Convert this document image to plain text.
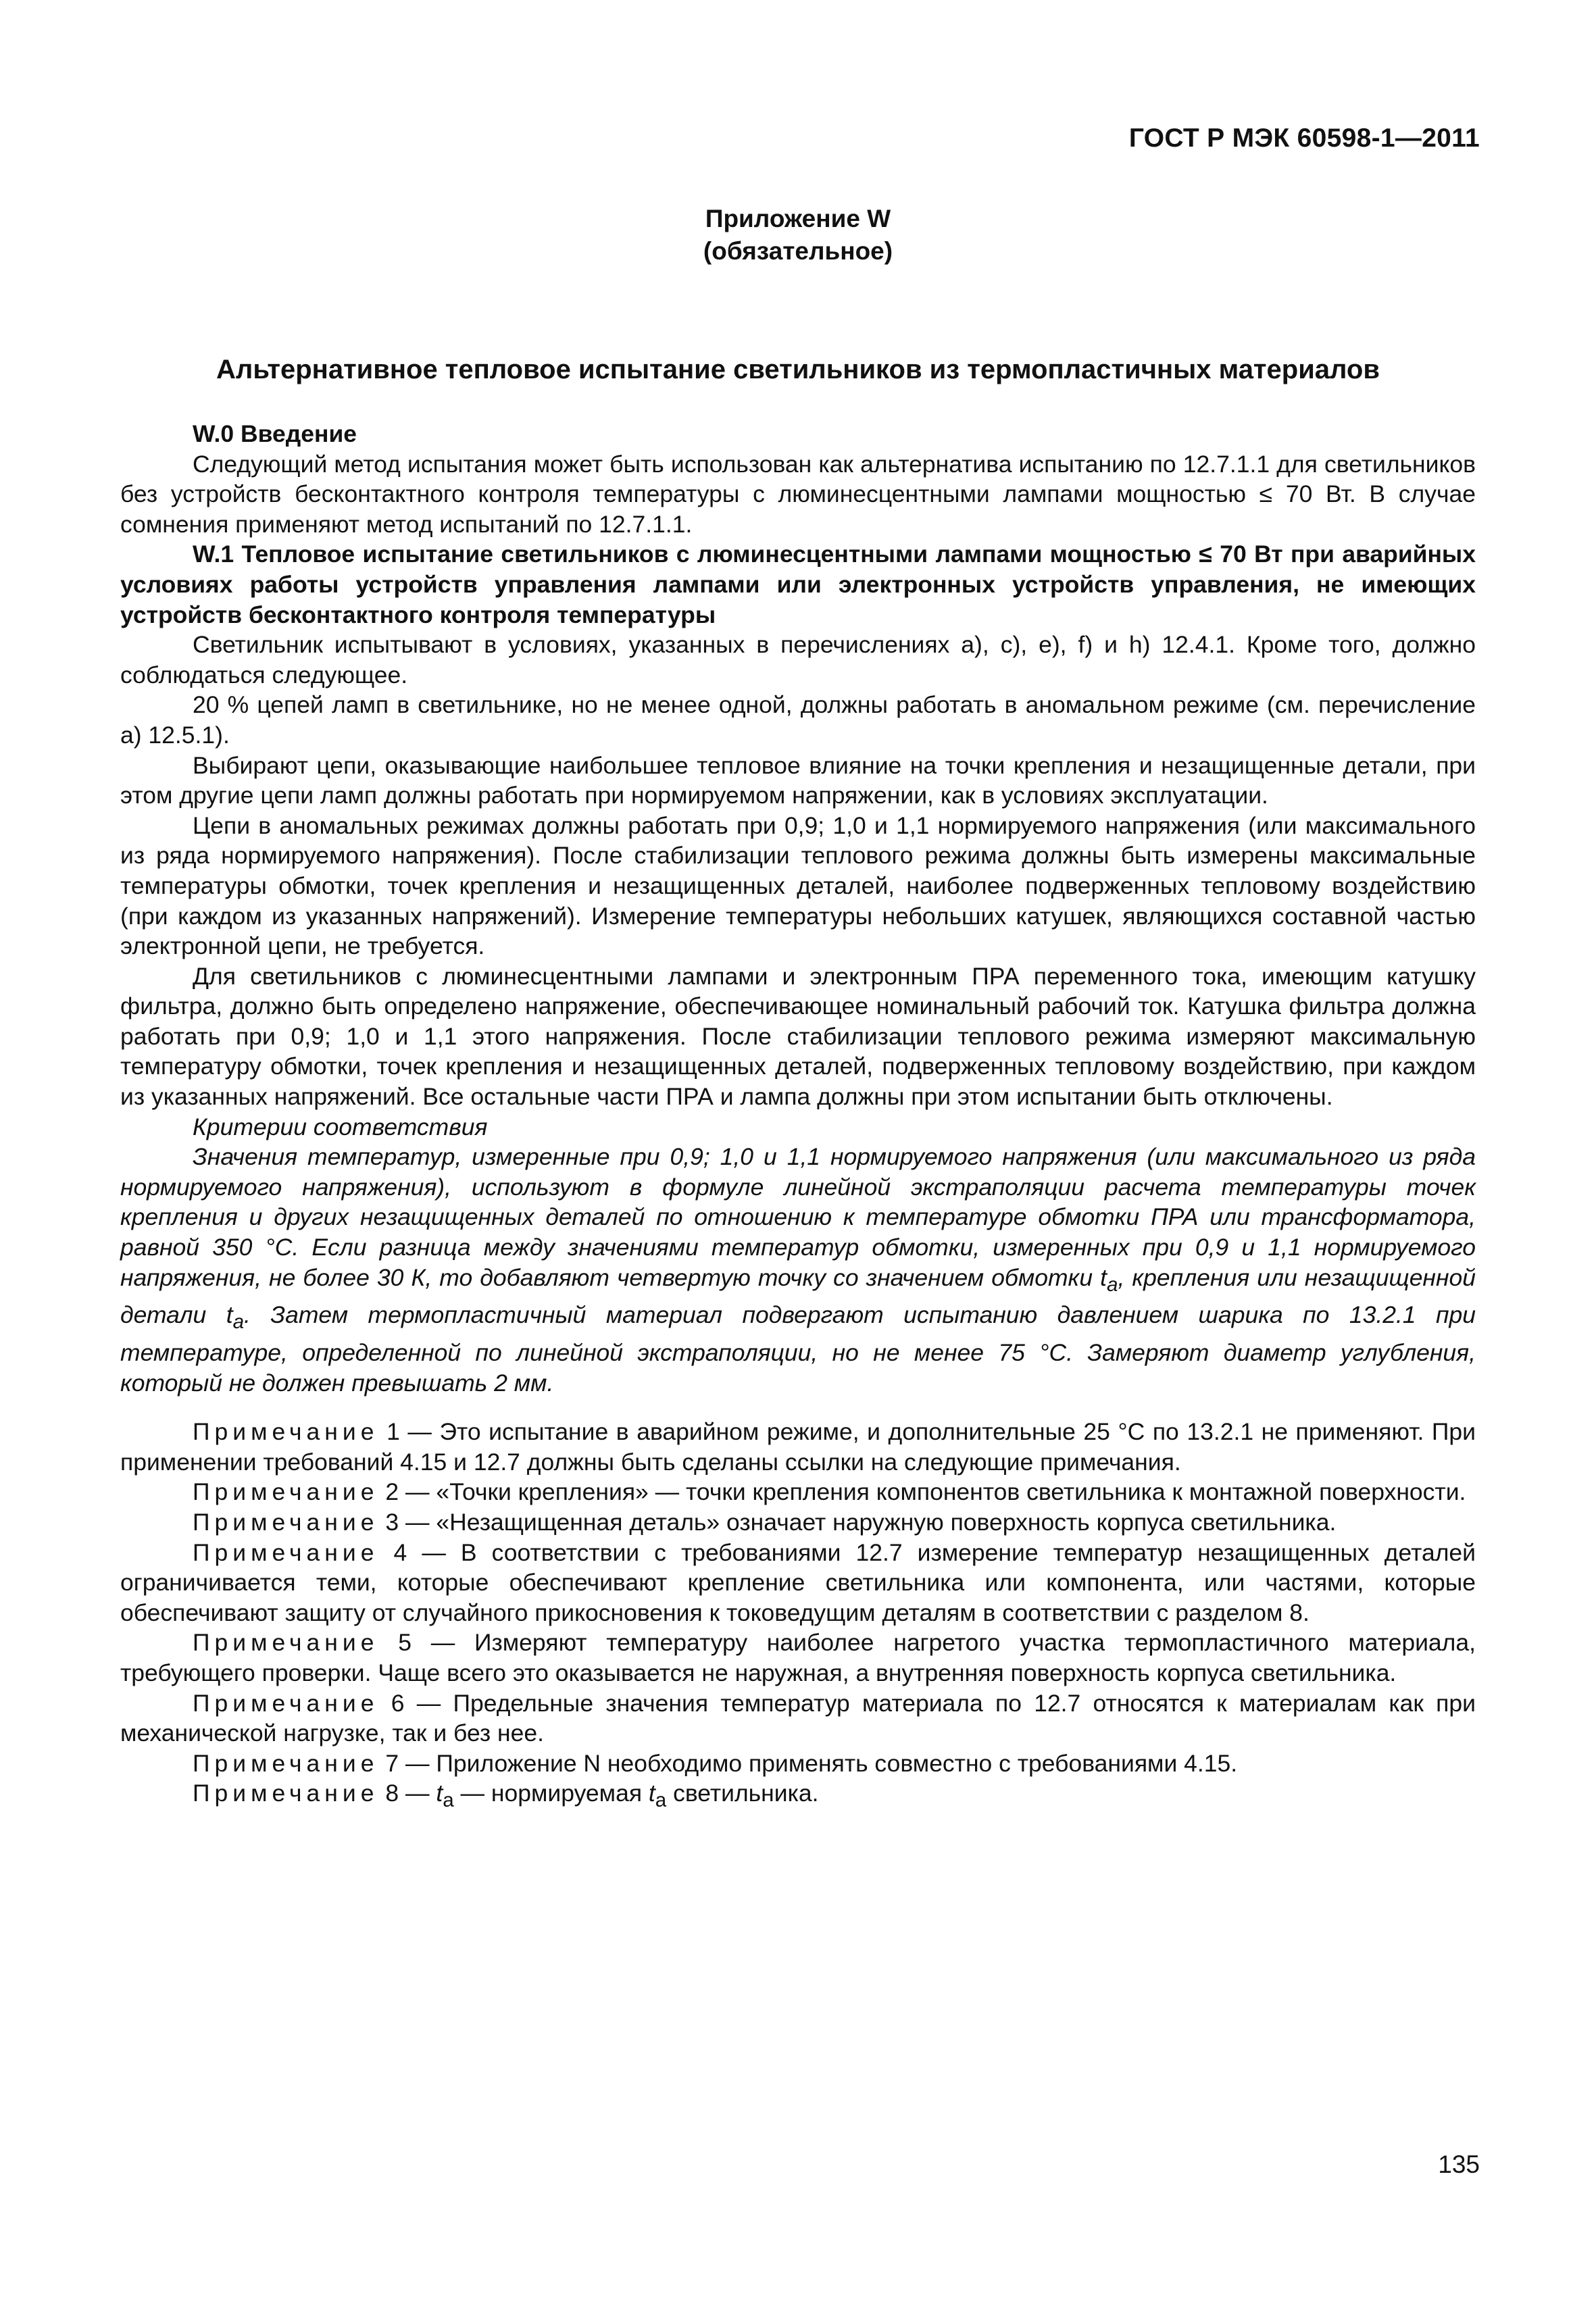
ГОСТ Р МЭК 60598-1—2011
Приложение W
(обязательное)
Альтернативное тепловое испытание светильников из термопластичных материалов

W.0 Введение

Следующий метод испытания может быть использован как альтернатива испытанию по 12.7.1.1 для светильников без устройств бесконтактного контроля температуры с люминесцентными лампами мощностью ≤ 70 Вт. В случае сомнения применяют метод испытаний по 12.7.1.1.

W.1 Тепловое испытание светильников с люминесцентными лампами мощностью ≤ 70 Вт при аварийных условиях работы устройств управления лампами или электронных устройств управления, не имеющих устройств бесконтактного контроля температуры

Светильник испытывают в условиях, указанных в перечислениях а), с), е), f) и h) 12.4.1. Кроме того, должно соблюдаться следующее.

20 % цепей ламп в светильнике, но не менее одной, должны работать в аномальном режиме (см. перечисление а) 12.5.1).

Выбирают цепи, оказывающие наибольшее тепловое влияние на точки крепления и незащищенные детали, при этом другие цепи ламп должны работать при нормируемом напряжении, как в условиях эксплуатации.

Цепи в аномальных режимах должны работать при 0,9; 1,0 и 1,1 нормируемого напряжения (или максимального из ряда нормируемого напряжения). После стабилизации теплового режима должны быть измерены максимальные температуры обмотки, точек крепления и незащищенных деталей, наиболее подверженных тепловому воздействию (при каждом из указанных напряжений). Измерение температуры небольших катушек, являющихся составной частью электронной цепи, не требуется.

Для светильников с люминесцентными лампами и электронным ПРА переменного тока, имеющим катушку фильтра, должно быть определено напряжение, обеспечивающее номинальный рабочий ток. Катушка фильтра должна работать при 0,9; 1,0 и 1,1 этого напряжения. После стабилизации теплового режима измеряют максимальную температуру обмотки, точек крепления и незащищенных деталей, подверженных тепловому воздействию, при каждом из указанных напряжений. Все остальные части ПРА и лампа должны при этом испытании быть отключены.

Критерии соответствия

Значения температур, измеренные при 0,9; 1,0 и 1,1 нормируемого напряжения (или максимального из ряда нормируемого напряжения), используют в формуле линейной экстраполяции расчета температуры точек крепления и других незащищенных деталей по отношению к температуре обмотки ПРА или трансформатора, равной 350 °С. Если разница между значениями температур обмотки, измеренных при 0,9 и 1,1 нормируемого напряжения, не более 30 К, то добавляют четвертую точку со значением обмотки $t_a$, крепления или незащищенной детали $t_a$. Затем термопластичный материал подвергают испытанию давлением шарика по 13.2.1 при температуре, определенной по линейной экстраполяции, но не менее 75 °С. Замеряют диаметр углубления, который не должен превышать 2 мм.

Примечание 1 — Это испытание в аварийном режиме, и дополнительные 25 °С по 13.2.1 не применяют. При применении требований 4.15 и 12.7 должны быть сделаны ссылки на следующие примечания.

Примечание 2 — «Точки крепления» — точки крепления компонентов светильника к монтажной поверхности.

Примечание 3 — «Незащищенная деталь» означает наружную поверхность корпуса светильника.

Примечание 4 — В соответствии с требованиями 12.7 измерение температур незащищенных деталей ограничивается теми, которые обеспечивают крепление светильника или компонента, или частями, которые обеспечивают защиту от случайного прикосновения к токоведущим деталям в соответствии с разделом 8.

Примечание 5 — Измеряют температуру наиболее нагретого участка термопластичного материала, требующего проверки. Чаще всего это оказывается не наружная, а внутренняя поверхность корпуса светильника.

Примечание 6 — Предельные значения температур материала по 12.7 относятся к материалам как при механической нагрузке, так и без нее.

Примечание 7 — Приложение N необходимо применять совместно с требованиями 4.15.

Примечание 8 — $t_a$ — нормируемая $t_a$ светильника.

135
